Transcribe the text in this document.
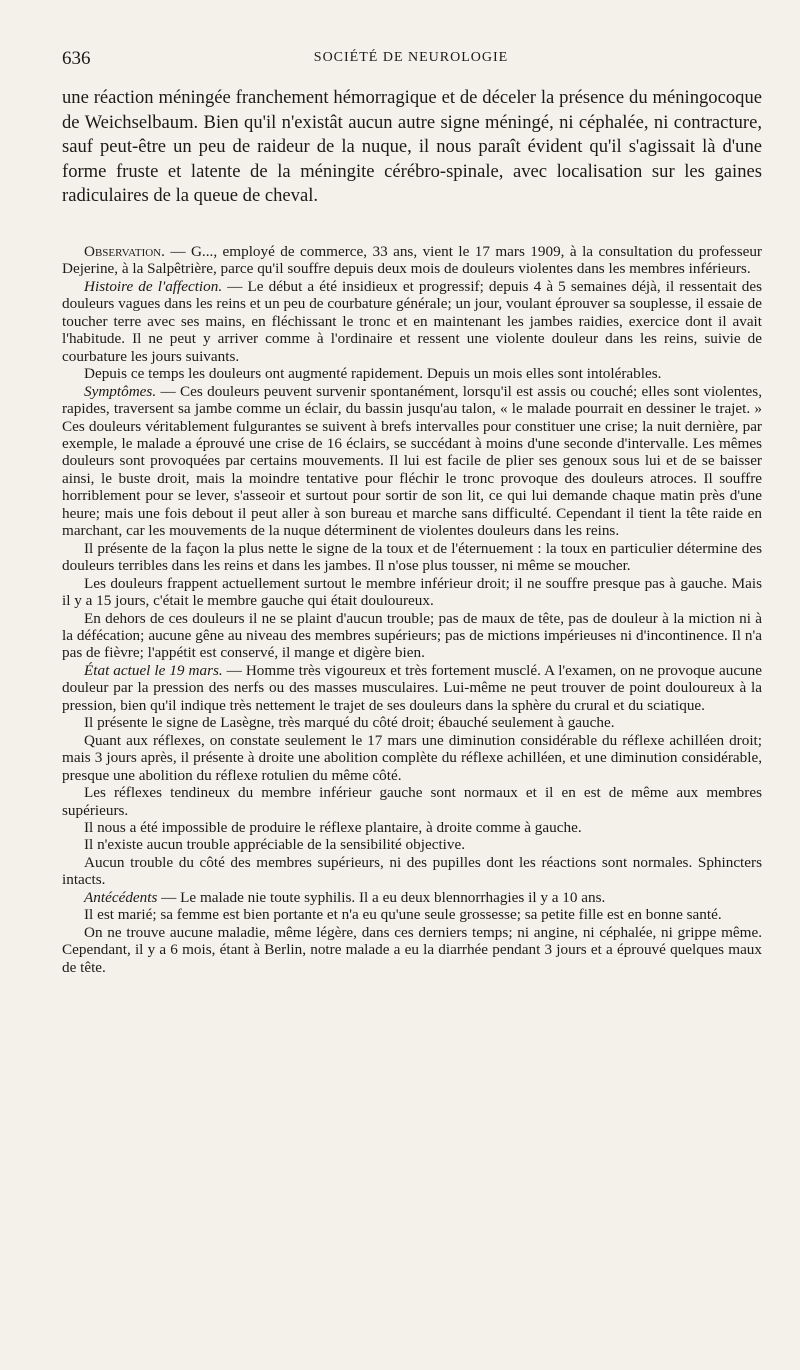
636	SOCIÉTÉ DE NEUROLOGIE

une réaction méningée franchement hémorragique et de déceler la présence du méningocoque de Weichselbaum. Bien qu'il n'existât aucun autre signe méningé, ni céphalée, ni contracture, sauf peut-être un peu de raideur de la nuque, il nous paraît évident qu'il s'agissait là d'une forme fruste et latente de la méningite cérébro-spinale, avec localisation sur les gaines radiculaires de la queue de cheval.

Observation. — G..., employé de commerce, 33 ans, vient le 17 mars 1909, à la consultation du professeur Dejerine, à la Salpêtrière, parce qu'il souffre depuis deux mois de douleurs violentes dans les membres inférieurs.

Histoire de l'affection. — Le début a été insidieux et progressif; depuis 4 à 5 semaines déjà, il ressentait des douleurs vagues dans les reins et un peu de courbature générale; un jour, voulant éprouver sa souplesse, il essaie de toucher terre avec ses mains, en fléchissant le tronc et en maintenant les jambes raidies, exercice dont il avait l'habitude. Il ne peut y arriver comme à l'ordinaire et ressent une violente douleur dans les reins, suivie de courbature les jours suivants.

Depuis ce temps les douleurs ont augmenté rapidement. Depuis un mois elles sont intolérables.

Symptômes. — Ces douleurs peuvent survenir spontanément, lorsqu'il est assis ou couché; elles sont violentes, rapides, traversent sa jambe comme un éclair, du bassin jusqu'au talon, « le malade pourrait en dessiner le trajet. » Ces douleurs véritablement fulgurantes se suivent à brefs intervalles pour constituer une crise; la nuit dernière, par exemple, le malade a éprouvé une crise de 16 éclairs, se succédant à moins d'une seconde d'intervalle. Les mêmes douleurs sont provoquées par certains mouvements. Il lui est facile de plier ses genoux sous lui et de se baisser ainsi, le buste droit, mais la moindre tentative pour fléchir le tronc provoque des douleurs atroces. Il souffre horriblement pour se lever, s'asseoir et surtout pour sortir de son lit, ce qui lui demande chaque matin près d'une heure; mais une fois debout il peut aller à son bureau et marche sans difficulté. Cependant il tient la tête raide en marchant, car les mouvements de la nuque déterminent de violentes douleurs dans les reins.

Il présente de la façon la plus nette le signe de la toux et de l'éternuement : la toux en particulier détermine des douleurs terribles dans les reins et dans les jambes. Il n'ose plus tousser, ni même se moucher.

Les douleurs frappent actuellement surtout le membre inférieur droit; il ne souffre presque pas à gauche. Mais il y a 15 jours, c'était le membre gauche qui était douloureux.

En dehors de ces douleurs il ne se plaint d'aucun trouble; pas de maux de tête, pas de douleur à la miction ni à la défécation; aucune gêne au niveau des membres supérieurs; pas de mictions impérieuses ni d'incontinence. Il n'a pas de fièvre; l'appétit est conservé, il mange et digère bien.

État actuel le 19 mars. — Homme très vigoureux et très fortement musclé. A l'examen, on ne provoque aucune douleur par la pression des nerfs ou des masses musculaires. Lui-même ne peut trouver de point douloureux à la pression, bien qu'il indique très nettement le trajet de ses douleurs dans la sphère du crural et du sciatique.

Il présente le signe de Lasègne, très marqué du côté droit; ébauché seulement à gauche.

Quant aux réflexes, on constate seulement le 17 mars une diminution considérable du réflexe achilléen droit; mais 3 jours après, il présente à droite une abolition complète du réflexe achilléen, et une diminution considérable, presque une abolition du réflexe rotulien du même côté.

Les réflexes tendineux du membre inférieur gauche sont normaux et il en est de même aux membres supérieurs.

Il nous a été impossible de produire le réflexe plantaire, à droite comme à gauche.

Il n'existe aucun trouble appréciable de la sensibilité objective.

Aucun trouble du côté des membres supérieurs, ni des pupilles dont les réactions sont normales. Sphincters intacts.

Antécédents — Le malade nie toute syphilis. Il a eu deux blennorrhagies il y a 10 ans.

Il est marié; sa femme est bien portante et n'a eu qu'une seule grossesse; sa petite fille est en bonne santé.

On ne trouve aucune maladie, même légère, dans ces derniers temps; ni angine, ni céphalée, ni grippe même. Cependant, il y a 6 mois, étant à Berlin, notre malade a eu la diarrhée pendant 3 jours et a éprouvé quelques maux de tête.
